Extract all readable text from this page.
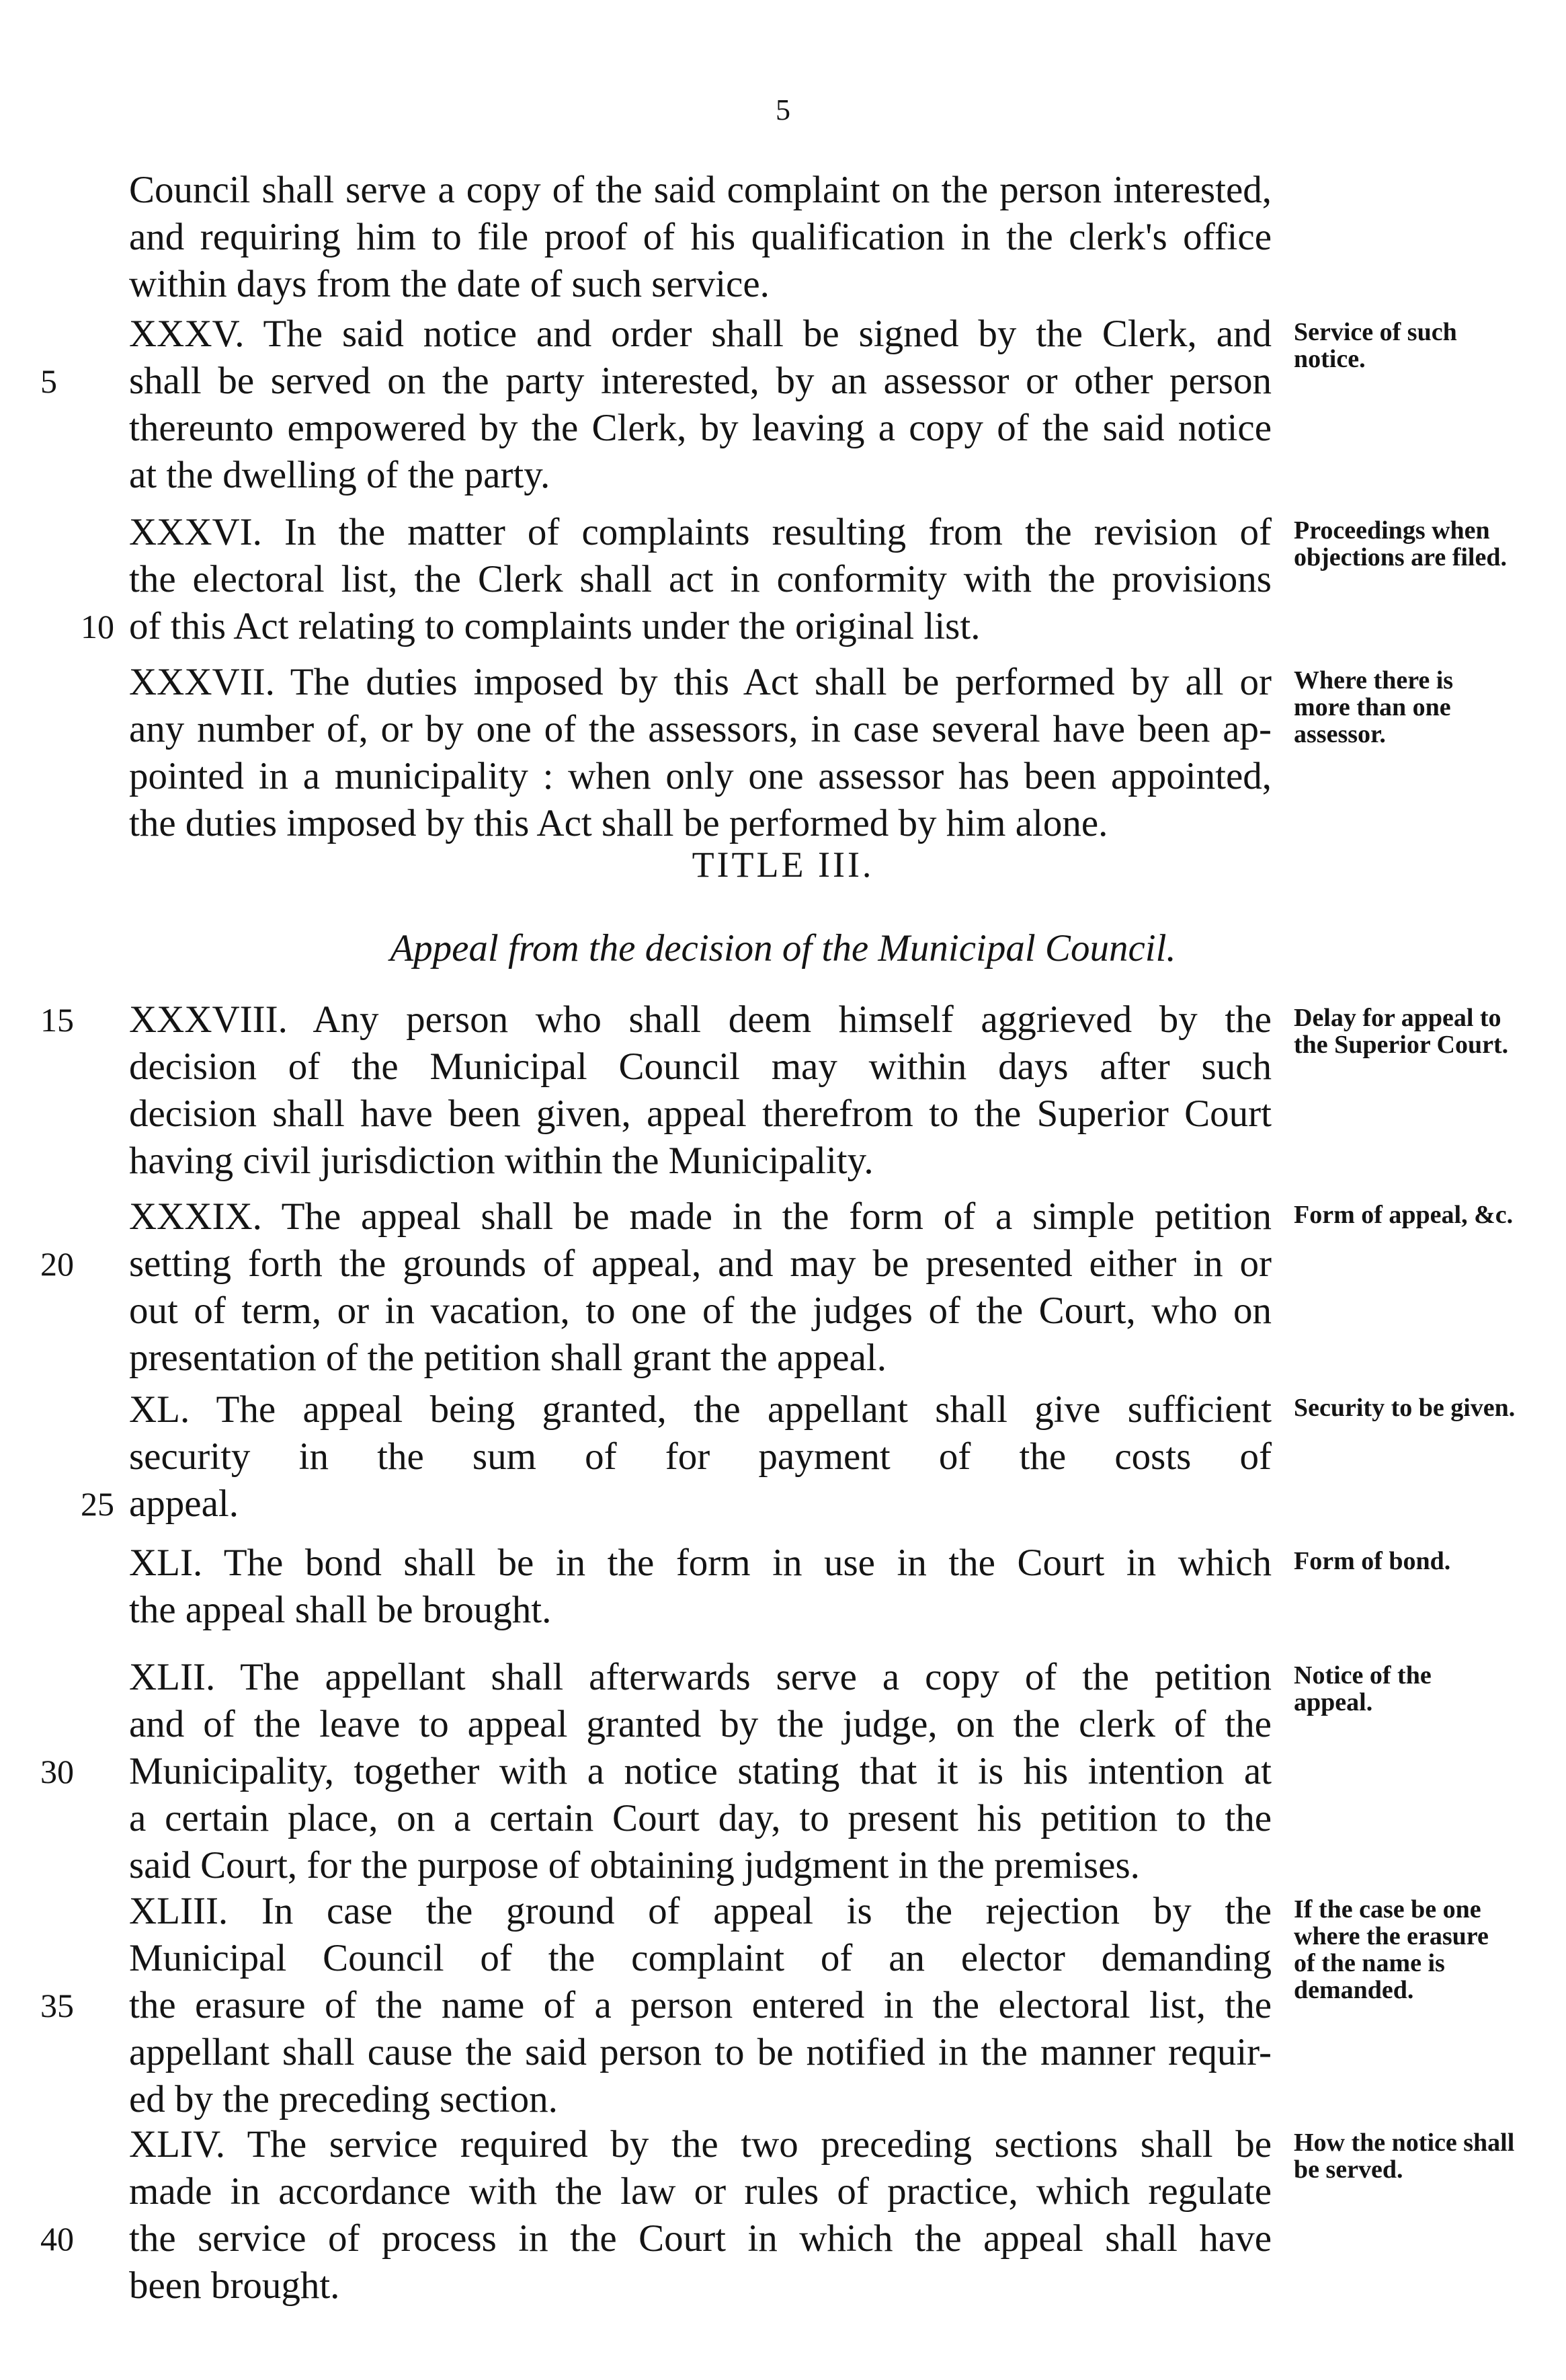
5
TITLE III.
Appeal from the decision of the Municipal Council.
Council shall serve a copy of the said complaint on the person interested,
and requiring him to file proof of his qualification in the clerk's office
within days from the date of such service.
XXXV. The said notice and order shall be signed by the Clerk, and
shall be served on the party interested, by an assessor or other person
5
thereunto empowered by the Clerk, by leaving a copy of the said notice
at the dwelling of the party.
Service of such notice.
XXXVI. In the matter of complaints resulting from the revision of
the electoral list, the Clerk shall act in conformity with the provisions
of this Act relating to complaints under the original list.
10
Proceedings when objections are filed.
XXXVII. The duties imposed by this Act shall be performed by all or
any number of, or by one of the assessors, in case several have been ap-
pointed in a municipality : when only one assessor has been appointed,
the duties imposed by this Act shall be performed by him alone.
Where there is more than one assessor.
XXXVIII. Any person who shall deem himself aggrieved by the
15
decision of the Municipal Council may within days after such
decision shall have been given, appeal therefrom to the Superior Court
having civil jurisdiction within the Municipality.
Delay for appeal to the Superior Court.
XXXIX. The appeal shall be made in the form of a simple petition
setting forth the grounds of appeal, and may be presented either in or
20
out of term, or in vacation, to one of the judges of the Court, who on
presentation of the petition shall grant the appeal.
Form of appeal, &c.
XL. The appeal being granted, the appellant shall give sufficient
security in the sum of for payment of the costs of
appeal.
25
Security to be given.
XLI. The bond shall be in the form in use in the Court in which
the appeal shall be brought.
Form of bond.
XLII. The appellant shall afterwards serve a copy of the petition
and of the leave to appeal granted by the judge, on the clerk of the
Municipality, together with a notice stating that it is his intention at
30
a certain place, on a certain Court day, to present his petition to the
said Court, for the purpose of obtaining judgment in the premises.
Notice of the appeal.
XLIII. In case the ground of appeal is the rejection by the
Municipal Council of the complaint of an elector demanding
the erasure of the name of a person entered in the electoral list, the
35
appellant shall cause the said person to be notified in the manner requir-
ed by the preceding section.
If the case be one where the erasure of the name is demanded.
XLIV. The service required by the two preceding sections shall be
made in accordance with the law or rules of practice, which regulate
the service of process in the Court in which the appeal shall have
40
been brought.
How the notice shall be served.
